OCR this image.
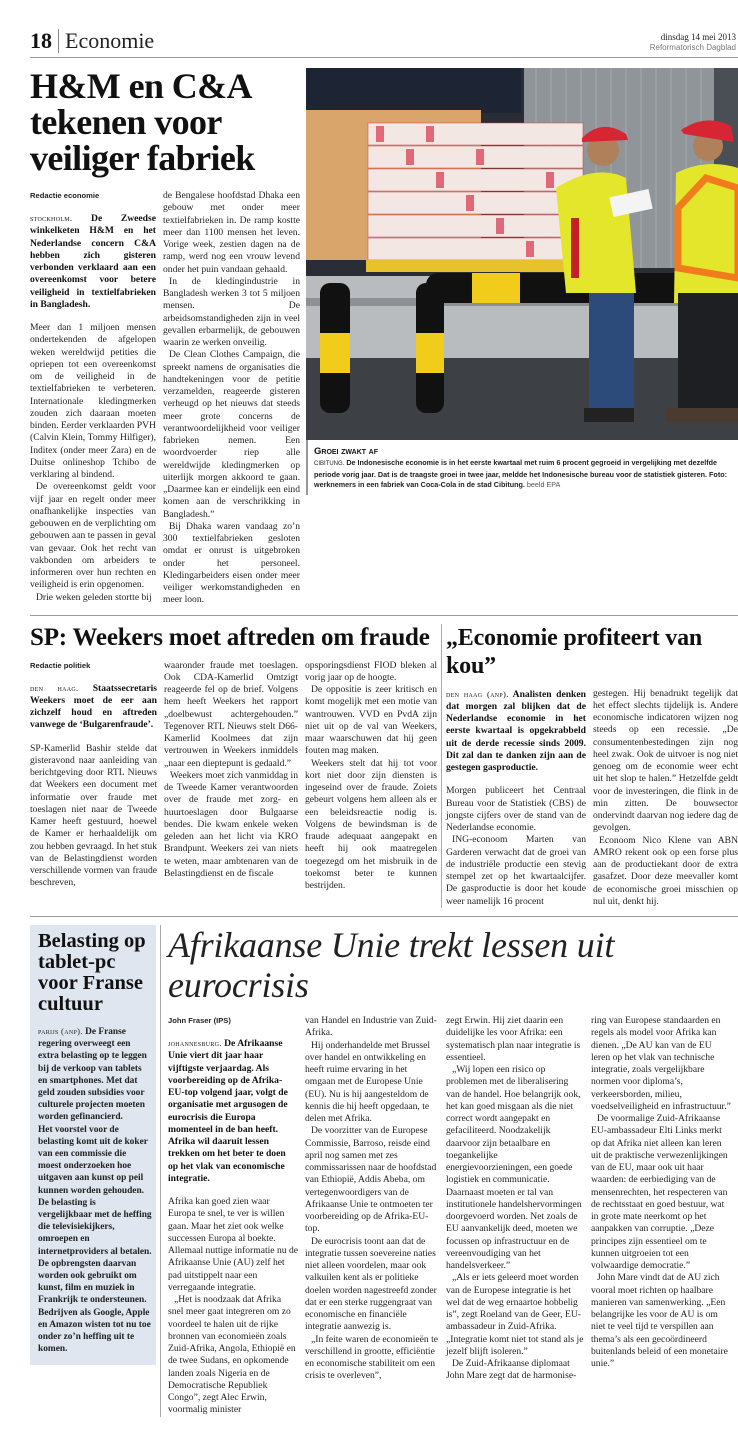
18 Economie	dinsdag 14 mei 2013
Reformatorisch Dagblad
H&M en C&A tekenen voor veiliger fabriek

Redactie economie

stockholm. De Zweedse winkelketen H&M en het Nederlandse concern C&A hebben zich gisteren verbonden verklaard aan een overeenkomst voor betere veiligheid in textielfabrieken in Bangladesh.

Meer dan 1 miljoen mensen ondertekenden de afgelopen weken wereldwijd petities die opriepen tot een overeenkomst om de veiligheid in de textielfabrieken te verbeteren. Internationale kledingmerken zouden zich daaraan moeten binden. Eerder verklaarden PVH (Calvin Klein, Tommy Hilfiger), Inditex (onder meer Zara) en de Duitse onlineshop Tchibo de verklaring al bindend.

De overeenkomst geldt voor vijf jaar en regelt onder meer onafhankelijke inspecties van gebouwen en de verplichting om gebouwen aan te passen in geval van gevaar. Ook het recht van vakbonden om arbeiders te informeren over hun rechten en veiligheid is erin opgenomen.

Drie weken geleden stortte bij

de Bengalese hoofdstad Dhaka een gebouw met onder meer textielfabrieken in. De ramp kostte meer dan 1100 mensen het leven. Vorige week, zestien dagen na de ramp, werd nog een vrouw levend onder het puin vandaan gehaald.

In de kledingindustrie in Bangladesh werken 3 tot 5 miljoen mensen. De arbeidsomstandigheden zijn in veel gevallen erbarmelijk, de gebouwen waarin ze werken onveilig.

De Clean Clothes Campaign, die spreekt namens de organisaties die handtekeningen voor de petitie verzamelden, reageerde gisteren verheugd op het nieuws dat steeds meer grote concerns de verantwoordelijkheid voor veiliger fabrieken nemen. Een woordvoerder riep alle wereldwijde kledingmerken op uiterlijk morgen akkoord te gaan. „Daarmee kan er eindelijk een eind komen aan de verschrikking in Bangladesh.”

Bij Dhaka waren vandaag zo’n 300 textielfabrieken gesloten omdat er onrust is uitgebroken onder het personeel. Kledingarbeiders eisen onder meer veiliger werkomstandigheden en meer loon.

Groei zwakt af
CIBITUNG. De Indonesische economie is in het eerste kwartaal met ruim 6 procent gegroeid in vergelijking met dezelfde periode vorig jaar. Dat is de traagste groei in twee jaar, meldde het Indonesische bureau voor de statistiek gisteren. Foto: werknemers in een fabriek van Coca-Cola in de stad Cibitung. beeld EPA
SP: Weekers moet aftreden om fraude

Redactie politiek

den haag. Staatssecretaris Weekers moet de eer aan zichzelf houd en aftreden vanwege de ‘Bulgarenfraude’.

SP-Kamerlid Bashir stelde dat gisteravond naar aanleiding van berichtgeving door RTL Nieuws dat Weekers een document met informatie over fraude met toeslagen niet naar de Tweede Kamer heeft gestuurd, hoewel de Kamer er herhaaldelijk om zou hebben gevraagd. In het stuk van de Belastingdienst worden verschillende vormen van fraude beschreven,

waaronder fraude met toeslagen. Ook CDA-Kamerlid Omtzigt reageerde fel op de brief. Volgens hem heeft Weekers het rapport „doelbewust achtergehouden.” Tegenover RTL Nieuws stelt D66-Kamerlid Koolmees dat zijn vertrouwen in Weekers inmiddels „naar een dieptepunt is gedaald.”

Weekers moet zich vanmiddag in de Tweede Kamer verantwoorden over de fraude met zorg- en huurtoeslagen door Bulgaarse bendes. Die kwam enkele weken geleden aan het licht via KRO Brandpunt. Weekers zei van niets te weten, maar ambtenaren van de Belastingdienst en de fiscale

opsporingsdienst FIOD bleken al vorig jaar op de hoogte.

De oppositie is zeer kritisch en komt mogelijk met een motie van wantrouwen. VVD en PvdA zijn niet uit op de val van Weekers, maar waarschuwen dat hij geen fouten mag maken.

Weekers stelt dat hij tot voor kort niet door zijn diensten is ingeseind over de fraude. Zoiets gebeurt volgens hem alleen als er een beleidsreactie nodig is. Volgens de bewindsman is de fraude adequaat aangepakt en heeft hij ook maatregelen toegezegd om het misbruik in de toekomst beter te kunnen bestrijden.

„Economie profiteert van kou”

den haag (anp). Analisten denken dat morgen zal blijken dat de Nederlandse economie in het eerste kwartaal is opgekrabbeld uit de derde recessie sinds 2009. Dit zal dan te danken zijn aan de gestegen gasproductie.

Morgen publiceert het Centraal Bureau voor de Statistiek (CBS) de jongste cijfers over de stand van de Nederlandse economie.

ING-econoom Marten van Garderen verwacht dat de groei van de industriële productie een stevig stempel zet op het kwartaalcijfer. De gasproductie is door het koude weer namelijk 16 procent

gestegen. Hij benadrukt tegelijk dat het effect slechts tijdelijk is. Andere economische indicatoren wijzen nog steeds op een recessie. „De consumentenbestedingen zijn nog heel zwak. Ook de uitvoer is nog niet genoeg om de economie weer echt uit het slop te halen.” Hetzelfde geldt voor de investeringen, die flink in de min zitten. De bouwsector ondervindt daarvan nog iedere dag de gevolgen.

Econoom Nico Klene van ABN AMRO rekent ook op een forse plus aan de productiekant door de extra gasafzet. Door deze meevaller komt de economische groei misschien op nul uit, denkt hij.

Belasting op tablet-pc voor Franse cultuur

parijs (anp). De Franse regering overweegt een extra belasting op te leggen bij de verkoop van tablets en smartphones. Met dat geld zouden subsidies voor culturele projecten moeten worden gefinancierd.

Het voorstel voor de belasting komt uit de koker van een commissie die moest onderzoeken hoe uitgaven aan kunst op peil kunnen worden gehouden. De belasting is vergelijkbaar met de heffing die televisiekijkers, omroepen en internetproviders al betalen. De opbrengsten daarvan worden ook gebruikt om kunst, film en muziek in Frankrijk te ondersteunen. Bedrijven als Google, Apple en Amazon wisten tot nu toe onder zo’n heffing uit te komen.

Afrikaanse Unie trekt lessen uit eurocrisis

John Fraser (IPS)

johannesburg. De Afrikaanse Unie viert dit jaar haar vijftigste verjaardag. Als voorbereiding op de Afrika-EU-top volgend jaar, volgt de organisatie met argusogen de eurocrisis die Europa momenteel in de ban heeft. Afrika wil daaruit lessen trekken om het beter te doen op het vlak van economische integratie.

Afrika kan goed zien waar Europa te snel, te ver is willen gaan. Maar het ziet ook welke successen Europa al boekte. Allemaal nuttige informatie nu de Afrikaanse Unie (AU) zelf het pad uitstippelt naar een verregaande integratie.

„Het is noodzaak dat Afrika snel meer gaat integreren om zo voordeel te halen uit de rijke bronnen van economieën zoals Zuid-Afrika, Angola, Ethiopië en de twee Sudans, en opkomende landen zoals Nigeria en de Democratische Republiek Congo”, zegt Alec Erwin, voormalig minister

van Handel en Industrie van Zuid-Afrika.

Hij onderhandelde met Brussel over handel en ontwikkeling en heeft ruime ervaring in het omgaan met de Europese Unie (EU). Nu is hij aangesteldom de kennis die hij heeft opgedaan, te delen met Afrika.

De voorzitter van de Europese Commissie, Barroso, reisde eind april nog samen met zes commissarissen naar de hoofdstad van Ethiopië, Addis Abeba, om vertegenwoordigers van de Afrikaanse Unie te ontmoeten ter voorbereiding op de Afrika-EU-top.

De eurocrisis toont aan dat de integratie tussen soevereine naties niet alleen voordelen, maar ook valkuilen kent als er politieke doelen worden nagestreefd zonder dat er een sterke ruggengraat van economische en financiële integratie aanwezig is.

„In feite waren de economieën te verschillend in grootte, efficiëntie en economische stabiliteit om een crisis te overleven”,

zegt Erwin. Hij ziet daarin een duidelijke les voor Afrika: een systematisch plan naar integratie is essentieel.

„Wij lopen een risico op problemen met de liberalisering van de handel. Hoe belangrijk ook, het kan goed misgaan als die niet correct wordt aangepakt en gefaciliteerd. Noodzakelijk daarvoor zijn betaalbare en toegankelijke energievoorzieningen, een goede logistiek en communicatie. Daarnaast moeten er tal van institutionele handelshervormingen doorgevoerd worden. Net zoals de EU aanvankelijk deed, moeten we focussen op infrastructuur en de vereenvoudiging van het handelsverkeer.”

„Als er iets geleerd moet worden van de Europese integratie is het wel dat de weg ernaartoe hobbelig is”, zegt Roeland van de Geer, EU-ambassadeur in Zuid-Afrika. „Integratie komt niet tot stand als je jezelf blijft isoleren.”

De Zuid-Afrikaanse diplomaat John Mare zegt dat de harmonise-

ring van Europese standaarden en regels als model voor Afrika kan dienen. „De AU kan van de EU leren op het vlak van technische integratie, zoals vergelijkbare normen voor diploma’s, verkeersborden, milieu, voedselveiligheid en infrastructuur.”

De voormalige Zuid-Afrikaanse EU-ambassadeur Elti Links merkt op dat Afrika niet alleen kan leren uit de praktische verwezenlijkingen van de EU, maar ook uit haar waarden: de eerbiediging van de mensenrechten, het respecteren van de rechtsstaat en goed bestuur, wat in grote mate neerkomt op het aanpakken van corruptie. „Deze principes zijn essentieel om te kunnen uitgroeien tot een volwaardige democratie.”

John Mare vindt dat de AU zich vooral moet richten op haalbare manieren van samenwerking. „Een belangrijke les voor de AU is om niet te veel tijd te verspillen aan thema’s als een gecoördineerd buitenlands beleid of een monetaire unie.”
